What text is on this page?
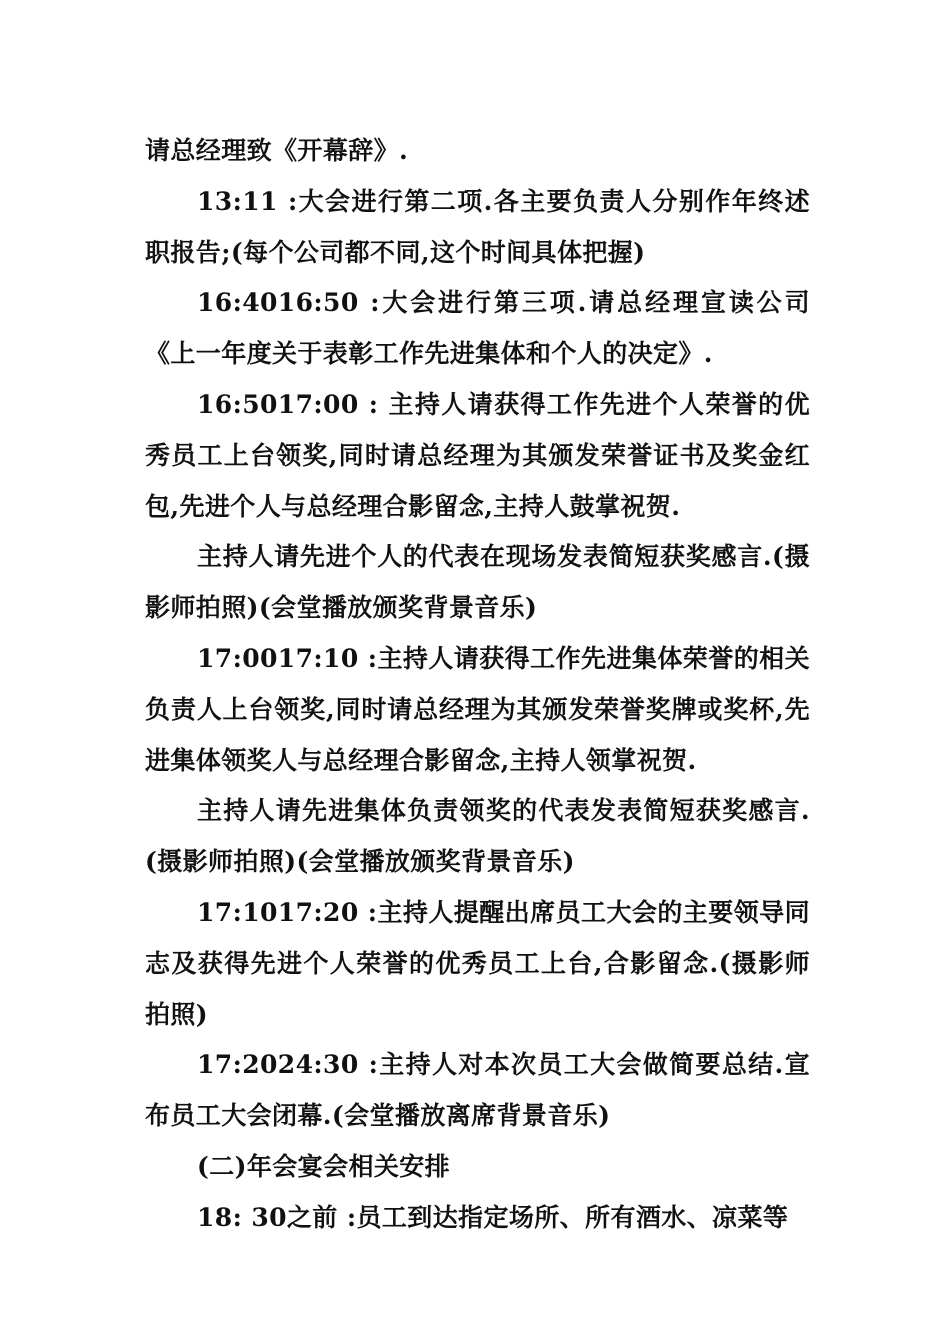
请总经理致《开幕辞》.

13:11 :大会进行第二项.各主要负责人分别作年终述职报告;(每个公司都不同,这个时间具体把握)

16:4016:50 :大会进行第三项.请总经理宣读公司《上一年度关于表彰工作先进集体和个人的决定》.

16:5017:00 : 主持人请获得工作先进个人荣誉的优秀员工上台领奖,同时请总经理为其颁发荣誉证书及奖金红包,先进个人与总经理合影留念,主持人鼓掌祝贺.

主持人请先进个人的代表在现场发表简短获奖感言.(摄影师拍照)(会堂播放颁奖背景音乐)

17:0017:10 :主持人请获得工作先进集体荣誉的相关负责人上台领奖,同时请总经理为其颁发荣誉奖牌或奖杯,先进集体领奖人与总经理合影留念,主持人领掌祝贺.

主持人请先进集体负责领奖的代表发表简短获奖感言.(摄影师拍照)(会堂播放颁奖背景音乐)

17:1017:20 :主持人提醒出席员工大会的主要领导同志及获得先进个人荣誉的优秀员工上台,合影留念.(摄影师拍照)

17:2024:30 :主持人对本次员工大会做简要总结.宣布员工大会闭幕.(会堂播放离席背景音乐)

(二)年会宴会相关安排

18: 30之前 :员工到达指定场所、所有酒水、凉菜等
